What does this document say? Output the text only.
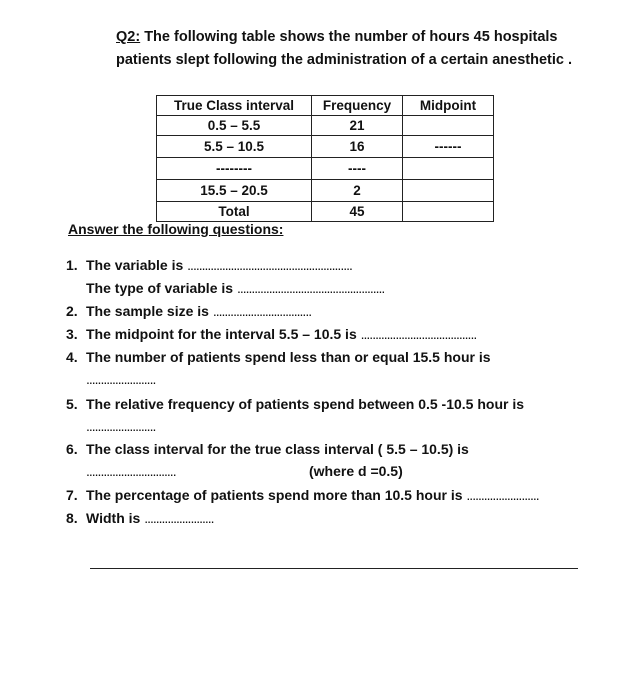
Q2: The following table shows the number of hours 45 hospitals
patients slept following the administration of a certain anesthetic .
True Class interval	Frequency	Midpoint
0.5 – 5.5	21	
5.5 – 10.5	16	------
--------	----	
15.5 – 20.5	2	
Total	45	
Answer the following questions:
1. The variable is .........................................................
The type of variable is ...................................................
2. The sample size is ..................................
3. The midpoint for the interval 5.5 – 10.5 is ........................................
4. The number of patients spend less than or equal 15.5 hour is
........................
5. The relative frequency of patients spend between 0.5 -10.5 hour is
........................
6. The class interval for the true class interval ( 5.5 – 10.5) is
...............................	(where d =0.5)
7. The percentage of patients spend more than 10.5 hour is .........................
8. Width is ........................
